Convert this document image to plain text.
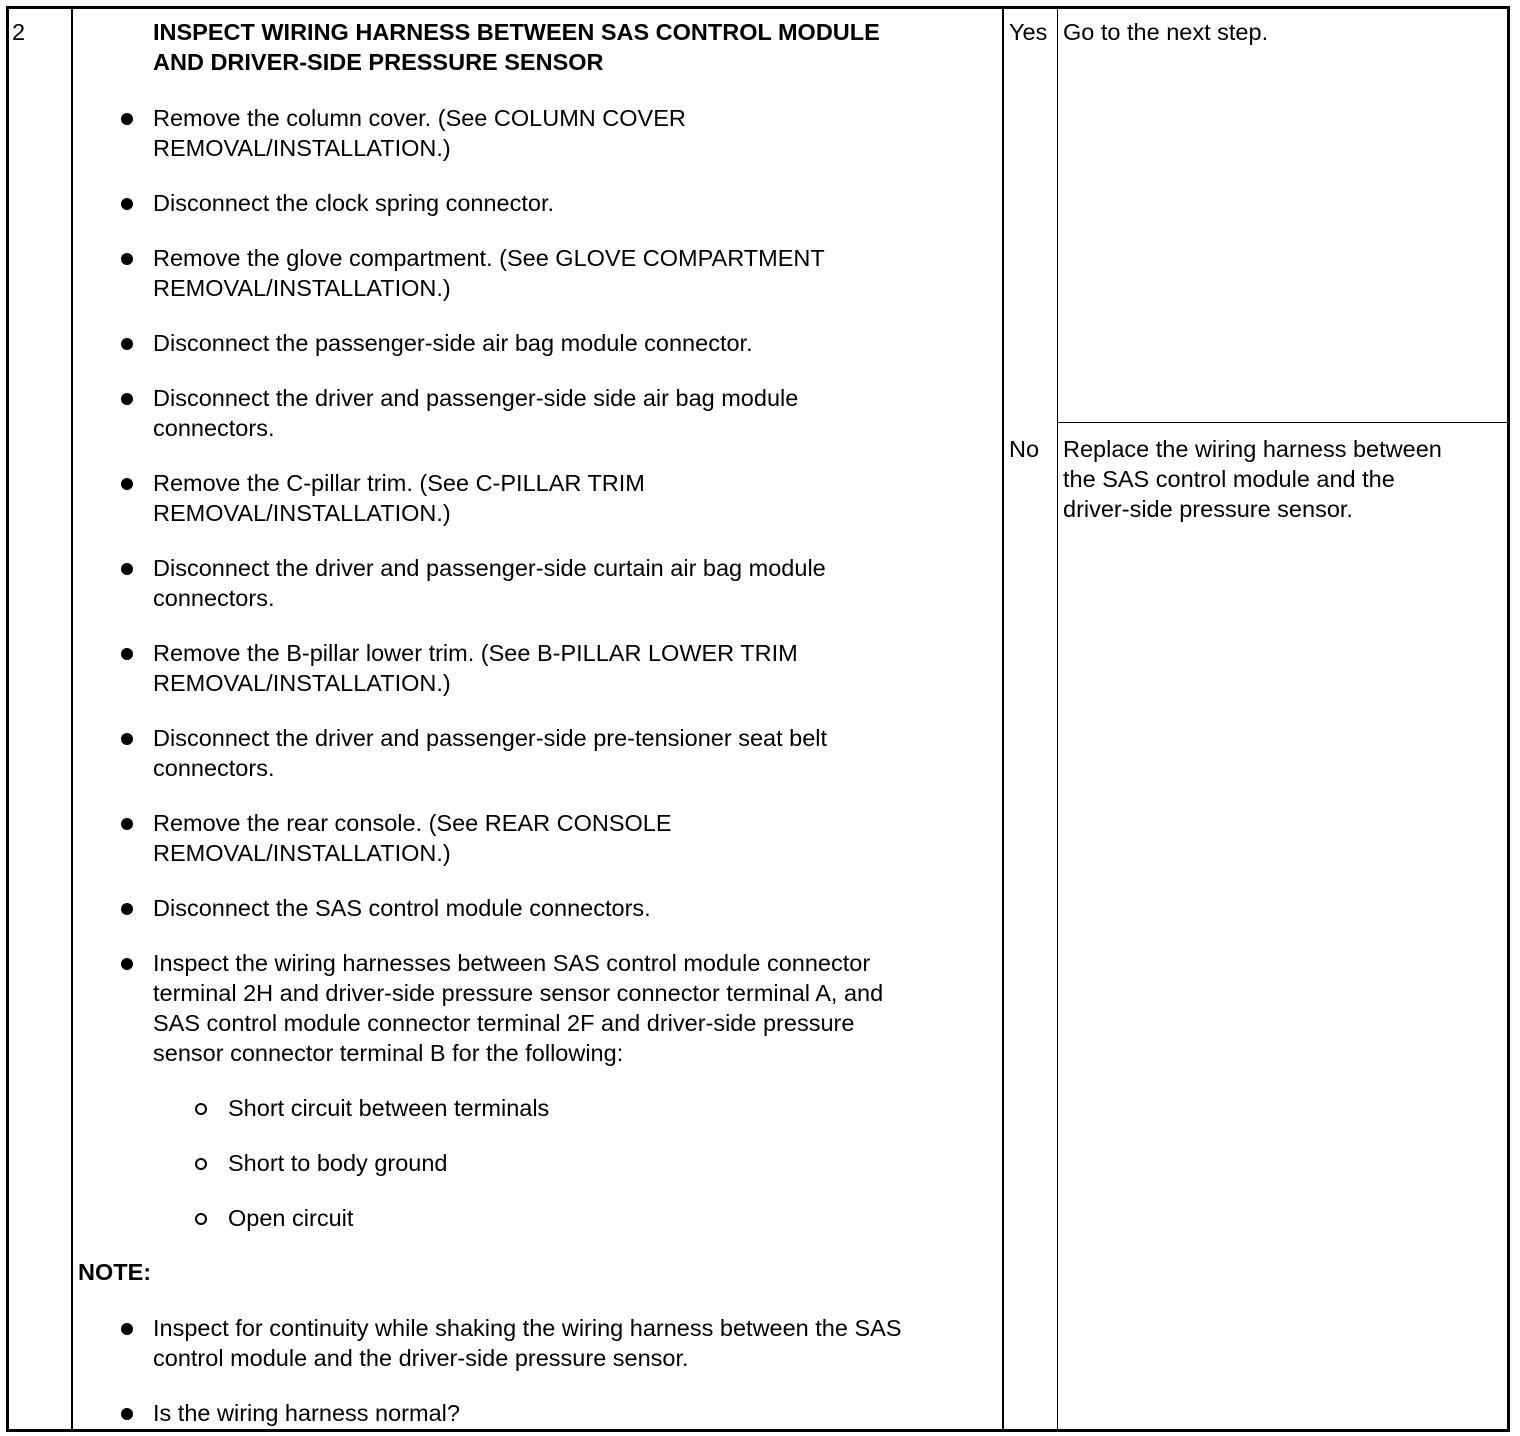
2	INSPECT WIRING HARNESS BETWEEN SAS CONTROL MODULE
AND DRIVER-SIDE PRESSURE SENSOR
Remove the column cover. (See COLUMN COVER
REMOVAL/INSTALLATION.)
Disconnect the clock spring connector.
Remove the glove compartment. (See GLOVE COMPARTMENT
REMOVAL/INSTALLATION.)
Disconnect the passenger-side air bag module connector.
Disconnect the driver and passenger-side side air bag module
connectors.
Remove the C-pillar trim. (See C-PILLAR TRIM
REMOVAL/INSTALLATION.)
Disconnect the driver and passenger-side curtain air bag module
connectors.
Remove the B-pillar lower trim. (See B-PILLAR LOWER TRIM
REMOVAL/INSTALLATION.)
Disconnect the driver and passenger-side pre-tensioner seat belt
connectors.
Remove the rear console. (See REAR CONSOLE
REMOVAL/INSTALLATION.)
Disconnect the SAS control module connectors.
Inspect the wiring harnesses between SAS control module connector
terminal 2H and driver-side pressure sensor connector terminal A, and
SAS control module connector terminal 2F and driver-side pressure
sensor connector terminal B for the following:
Short circuit between terminals
Short to body ground
Open circuit
NOTE:
Inspect for continuity while shaking the wiring harness between the SAS
control module and the driver-side pressure sensor.
Is the wiring harness normal?
Yes Go to the next step.
No Replace the wiring harness between
the SAS control module and the
driver-side pressure sensor.
